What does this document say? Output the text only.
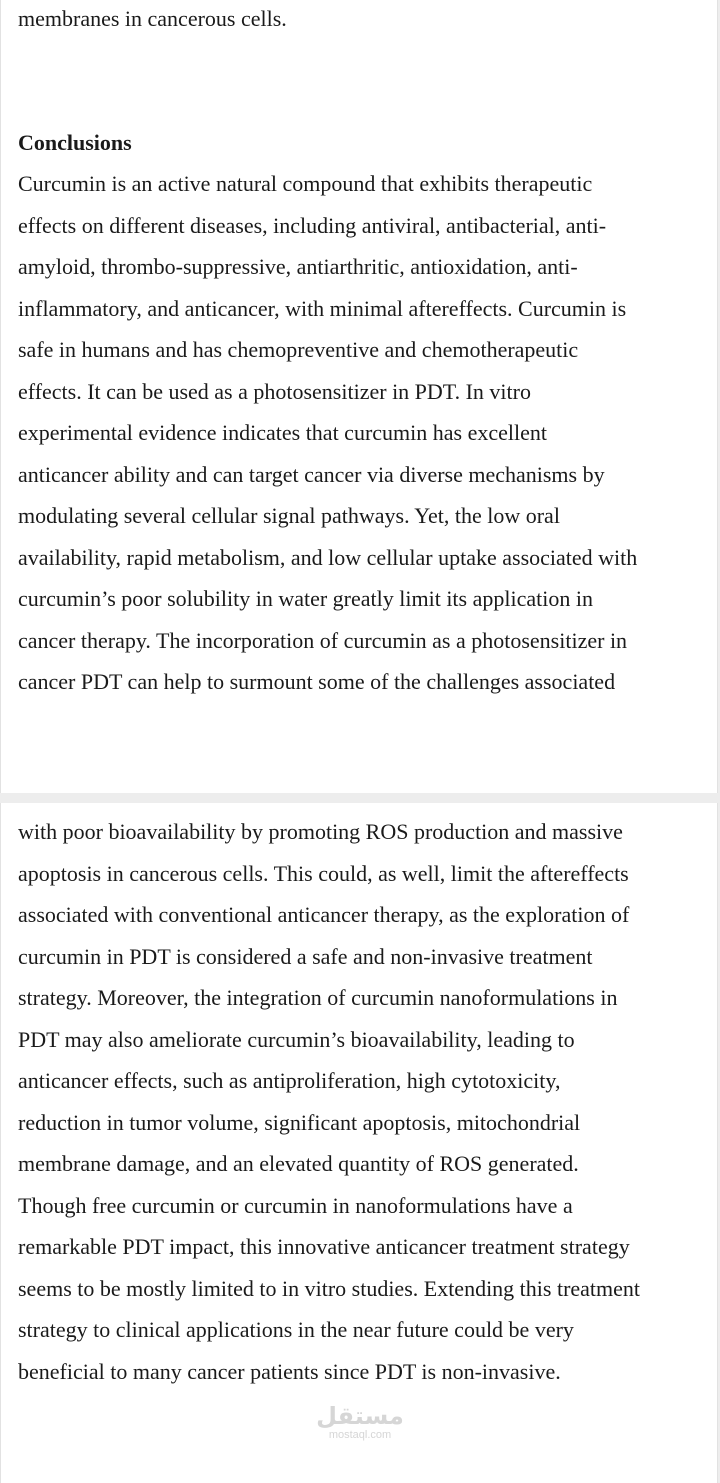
membranes in cancerous cells.

Conclusions

Curcumin is an active natural compound that exhibits therapeutic
effects on different diseases, including antiviral, antibacterial, anti-
amyloid, thrombo-suppressive, antiarthritic, antioxidation, anti-
inflammatory, and anticancer, with minimal aftereffects. Curcumin is
safe in humans and has chemopreventive and chemotherapeutic
effects. It can be used as a photosensitizer in PDT. In vitro
experimental evidence indicates that curcumin has excellent
anticancer ability and can target cancer via diverse mechanisms by
modulating several cellular signal pathways. Yet, the low oral
availability, rapid metabolism, and low cellular uptake associated with
curcumin’s poor solubility in water greatly limit its application in
cancer therapy. The incorporation of curcumin as a photosensitizer in
cancer PDT can help to surmount some of the challenges associated

with poor bioavailability by promoting ROS production and massive
apoptosis in cancerous cells. This could, as well, limit the aftereffects
associated with conventional anticancer therapy, as the exploration of
curcumin in PDT is considered a safe and non-invasive treatment
strategy. Moreover, the integration of curcumin nanoformulations in
PDT may also ameliorate curcumin’s bioavailability, leading to
anticancer effects, such as antiproliferation, high cytotoxicity,
reduction in tumor volume, significant apoptosis, mitochondrial
membrane damage, and an elevated quantity of ROS generated.
Though free curcumin or curcumin in nanoformulations have a
remarkable PDT impact, this innovative anticancer treatment strategy
seems to be mostly limited to in vitro studies. Extending this treatment
strategy to clinical applications in the near future could be very
beneficial to many cancer patients since PDT is non-invasive.

مستقل
mostaql.com
